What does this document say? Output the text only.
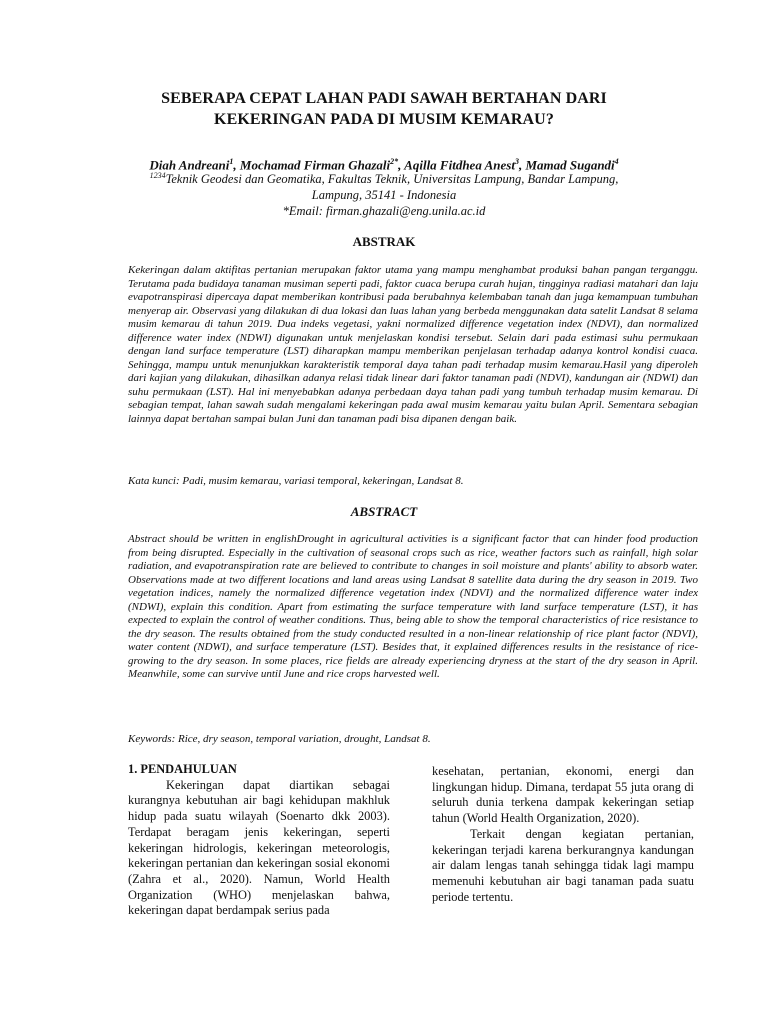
SEBERAPA CEPAT LAHAN PADI SAWAH BERTAHAN DARI
KEKERINGAN PADA DI MUSIM KEMARAU?
Diah Andreani$^1$, Mochamad Firman Ghazali$^{2*}$, Aqilla Fitdhea Anest$^3$, Mamad Sugandi$^4$
$^{1234}$Teknik Geodesi dan Geomatika, Fakultas Teknik, Universitas Lampung, Bandar Lampung,
Lampung, 35141 - Indonesia
*Email: firman.ghazali@eng.unila.ac.id
ABSTRAK

Kekeringan dalam aktifitas pertanian merupakan faktor utama yang mampu menghambat produksi bahan pangan terganggu. Terutama pada budidaya tanaman musiman seperti padi, faktor cuaca berupa curah hujan, tingginya radiasi matahari dan laju evapotranspirasi dipercaya dapat memberikan kontribusi pada berubahnya kelembaban tanah dan juga kemampuan tumbuhan menyerap air. Observasi yang dilakukan di dua lokasi dan luas lahan yang berbeda menggunakan data satelit Landsat 8 selama musim kemarau di tahun 2019. Dua indeks vegetasi, yakni normalized difference vegetation index (NDVI), dan normalized difference water index (NDWI) digunakan untuk menjelaskan kondisi tersebut. Selain dari pada estimasi suhu permukaan dengan land surface temperature (LST) diharapkan mampu memberikan penjelasan terhadap adanya kontrol kondisi cuaca. Sehingga, mampu untuk menunjukkan karakteristik temporal daya tahan padi terhadap musim kemarau.Hasil yang diperoleh dari kajian yang dilakukan, dihasilkan adanya relasi tidak linear dari faktor tanaman padi (NDVI), kandungan air (NDWI) dan suhu permukaan (LST). Hal ini menyebabkan adanya perbedaan daya tahan padi yang tumbuh terhadap musim kemarau. Di sebagian tempat, lahan sawah sudah mengalami kekeringan pada awal musim kemarau yaitu bulan April. Sementara sebagian lainnya dapat bertahan sampai bulan Juni dan tanaman padi bisa dipanen dengan baik.

Kata kunci: Padi, musim kemarau, variasi temporal, kekeringan, Landsat 8.

ABSTRACT

Abstract should be written in englishDrought in agricultural activities is a significant factor that can hinder food production from being disrupted. Especially in the cultivation of seasonal crops such as rice, weather factors such as rainfall, high solar radiation, and evapotranspiration rate are believed to contribute to changes in soil moisture and plants' ability to absorb water. Observations made at two different locations and land areas using Landsat 8 satellite data during the dry season in 2019. Two vegetation indices, namely the normalized difference vegetation index (NDVI) and the normalized difference water index (NDWI), explain this condition. Apart from estimating the surface temperature with land surface temperature (LST), it has expected to explain the control of weather conditions. Thus, being able to show the temporal characteristics of rice resistance to the dry season. The results obtained from the study conducted resulted in a non-linear relationship of rice plant factor (NDVI), water content (NDWI), and surface temperature (LST). Besides that, it explained differences results in the resistance of rice-growing to the dry season. In some places, rice fields are already experiencing dryness at the start of the dry season in April. Meanwhile, some can survive until June and rice crops harvested well.

Keywords: Rice, dry season, temporal variation, drought, Landsat 8.

1. PENDAHULUAN

Kekeringan dapat diartikan sebagai kurangnya kebutuhan air bagi kehidupan makhluk hidup pada suatu wilayah (Soenarto dkk 2003). Terdapat beragam jenis kekeringan, seperti kekeringan hidrologis, kekeringan meteorologis, kekeringan pertanian dan kekeringan sosial ekonomi (Zahra et al., 2020). Namun, World Health Organization (WHO) menjelaskan bahwa, kekeringan dapat berdampak serius pada

kesehatan, pertanian, ekonomi, energi dan lingkungan hidup. Dimana, terdapat 55 juta orang di seluruh dunia terkena dampak kekeringan setiap tahun (World Health Organization, 2020).

Terkait dengan kegiatan pertanian, kekeringan terjadi karena berkurangnya kandungan air dalam lengas tanah sehingga tidak lagi mampu memenuhi kebutuhan air bagi tanaman pada suatu periode tertentu.
